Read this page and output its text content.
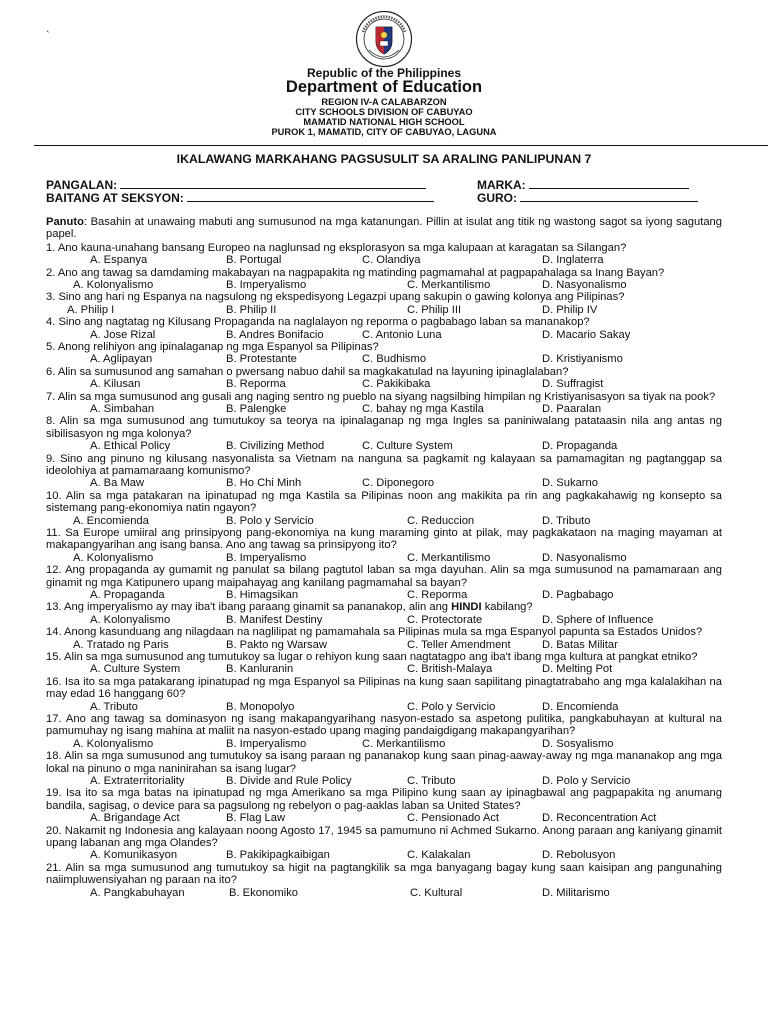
`
Republic of the Philippines
Department of Education
REGION IV-A CALABARZON
CITY SCHOOLS DIVISION OF CABUYAO
MAMATID NATIONAL HIGH SCHOOL
PUROK 1, MAMATID, CITY OF CABUYAO, LAGUNA
IKALAWANG MARKAHANG PAGSUSULIT SA ARALING PANLIPUNAN 7
PANGALAN:
BAITANG AT SEKSYON:
MARKA:
GURO:
Panuto: Basahin at unawaing mabuti ang sumusunod na mga katanungan. Pillin at isulat ang titik ng wastong sagot sa iyong sagutang papel.
1. Ano kauna-unahang bansang Europeo na naglunsad ng eksplorasyon sa mga kalupaan at karagatan sa Silangan?
A. Espanya	B. Portugal	C. Olandiya	D. Inglaterra
2. Ano ang tawag sa damdaming makabayan na nagpapakita ng matinding pagmamahal at pagpapahalaga sa Inang Bayan?
A. Kolonyalismo	B. Imperyalismo	C. Merkantilismo	D. Nasyonalismo
3. Sino ang hari ng Espanya na nagsulong ng ekspedisyong Legazpi upang sakupin o gawing kolonya ang Pilipinas?
A. Philip I	B. Philip II	C. Philip III	D. Philip IV
4. Sino ang nagtatag ng Kilusang Propaganda na naglalayon ng reporma o pagbabago laban sa mananakop?
A. Jose Rizal	B. Andres Bonifacio	C. Antonio Luna	D. Macario Sakay
5. Anong relihiyon ang ipinalaganap ng mga Espanyol sa Pilipinas?
A. Aglipayan	B. Protestante	C. Budhismo	D. Kristiyanismo
6. Alin sa sumusunod ang samahan o pwersang nabuo dahil sa magkakatulad na layuning ipinaglalaban?
A. Kilusan	B. Reporma	C. Pakikibaka	D. Suffragist
7. Alin sa mga sumusunod ang gusali ang naging sentro ng pueblo na siyang nagsilbing himpilan ng Kristiyanisasyon sa tiyak na pook?
A. Simbahan	B. Palengke	C. bahay ng mga Kastila	D. Paaralan
8. Alin sa mga sumusunod ang tumutukoy sa teorya na ipinalaganap ng mga Ingles sa paniniwalang patataasin nila ang antas ng sibilisasyon ng mga kolonya?
A. Ethical Policy	B. Civilizing Method	C. Culture System	D. Propaganda
9. Sino ang pinuno ng kilusang nasyonalista sa Vietnam na nanguna sa pagkamit ng kalayaan sa pamamagitan ng pagtanggap sa ideolohiya at pamamaraang komunismo?
A. Ba Maw	B. Ho Chi Minh	C. Diponegoro	D. Sukarno
10. Alin sa mga patakaran na ipinatupad ng mga Kastila sa Pilipinas noon ang makikita pa rin ang pagkakahawig ng konsepto sa sistemang pang-ekonomiya natin ngayon?
A. Encomienda	B. Polo y Servicio	C. Reduccion	D. Tributo
11. Sa Europe umiiral ang prinsipyong pang-ekonomiya na kung maraming ginto at pilak, may pagkakataon na maging mayaman at makapangyarihan ang isang bansa. Ano ang tawag sa prinsipyong ito?
A. Kolonyalismo	B. Imperyalismo	C. Merkantilismo	D. Nasyonalismo
12. Ang propaganda ay gumamit ng panulat sa bilang pagtutol laban sa mga dayuhan. Alin sa mga sumusunod na pamamaraan ang ginamit ng mga Katipunero upang maipahayag ang kanilang pagmamahal sa bayan?
A. Propaganda	B. Himagsikan	C. Reporma	D. Pagbabago
13. Ang imperyalismo ay may iba't ibang paraang ginamit sa pananakop, alin ang HINDI kabilang?
A. Kolonyalismo	B. Manifest Destiny	C. Protectorate	D. Sphere of Influence
14. Anong kasunduang ang nilagdaan na naglilipat ng pamamahala sa Pilipinas mula sa mga Espanyol papunta sa Estados Unidos?
A. Tratado ng Paris	B. Pakto ng Warsaw	C. Teller Amendment	D. Batas Militar
15. Alin sa mga sumusunod ang tumutukoy sa lugar o rehiyon kung saan nagtatagpo ang iba't ibang mga kultura at pangkat etniko?
A. Culture System	B. Kanluranin	C. British-Malaya	D. Melting Pot
16. Isa ito sa mga patakarang ipinatupad ng mga Espanyol sa Pilipinas na kung saan sapilitang pinagtatrabaho ang mga kalalakihan na may edad 16 hanggang 60?
A. Tributo	B. Monopolyo	C. Polo y Servicio	D. Encomienda
17. Ano ang tawag sa dominasyon ng isang makapangyarihang nasyon-estado sa aspetong pulitika, pangkabuhayan at kultural na pamumuhay ng isang mahina at maliit na nasyon-estado upang maging pandaigdigang makapangyarihan?
A. Kolonyalismo	B. Imperyalismo	C. Merkantilismo	D. Sosyalismo
18. Alin sa mga sumusunod ang tumutukoy sa isang paraan ng pananakop kung saan pinag-aaway-away ng mga mananakop ang mga lokal na pinuno o mga naninirahan sa isang lugar?
A. Extraterritoriality	B. Divide and Rule Policy	C. Tributo	D. Polo y Servicio
19. Isa ito sa mga batas na ipinatupad ng mga Amerikano sa mga Pilipino kung saan ay ipinagbawal ang pagpapakita ng anumang bandila, sagisag, o device para sa pagsulong ng rebelyon o pag-aaklas laban sa United States?
A. Brigandage Act	B. Flag Law	C. Pensionado Act	D. Reconcentration Act
20. Nakamit ng Indonesia ang kalayaan noong Agosto 17, 1945 sa pamumuno ni Achmed Sukarno. Anong paraan ang kaniyang ginamit upang labanan ang mga Olandes?
A. Komunikasyon	B. Pakikipagkaibigan	C. Kalakalan	D. Rebolusyon
21. Alin sa mga sumusunod ang tumutukoy sa higit na pagtangkilik sa mga banyagang bagay kung saan kaisipan ang pangunahing naiimpluwensiyahan ng paraan na ito?
A. Pangkabuhayan	B. Ekonomiko	C. Kultural	D. Militarismo
